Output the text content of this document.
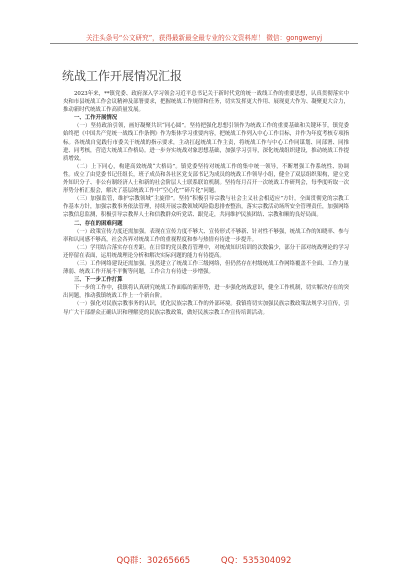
关注头条号“公文研究”，获得最新最全最专业的公文资料库！ 微信：gongwenyj
统战工作开展情况汇报

2023年来，**镇党委、政府深入学习领会习近平总书记关于新时代党的统一战线工作的重要思想，认真贯彻落实中央和市县统战工作会议精神及部署要求，把握统战工作规律和任务，切实发挥更大作用、展现更大作为、凝聚更大合力，推动新时代统战工作高质量发展。

一、工作开展情况

（一）坚持政治引领，画好凝聚共识“同心圆”。坚持把强化思想引领作为统战工作的重要基础和关键环节，镇党委始终把《中国共产党统一战线工作条例》作为集体学习重要内容，把统战工作列入中心工作目标，并作为年度考核专项指标。各统战自觉践行市委关于统战的指示要求，主动扛起统战工作主责，将统战工作与中心工作同谋划、同部署、同推进、同考核，营造大统战工作格局。进一步夯实统战对象思想基础，加强学习引导，深化统战组织建设，推动统战工作提质增效。

（二）上下同心，构建高效统战“大格局”。镇党委坚持对统战工作的集中统一领导，不断增强工作系统性、协调性。成立了由党委书记任组长，班子成员和各社区党支部书记为成员的统战工作领导小组，健全了双层组织架构，建立党外知识分子、非公有制经济人士和新的社会阶层人士联系联谊机制。坚持每月召开一次统战工作研判会，每季度听取一次形势分析汇报会，解决了基层统战工作中“空心化”“碎片化”问题。

（三）加强监管，维护宗教领域“主旋律”。坚持“积极引导宗教与社会主义社会相适应”方针，全面贯彻党的宗教工作基本方针，加强宗教事务依法管理，持续开展宗教领域风险隐患排查整治，落实宗教活动场所安全管理责任，加强网络宗教信息监测，积极引导宗教界人士和信教群众听党话、跟党走，共同维护民族团结、宗教和顺的良好局面。

二、存在的困难问题

（一）政策宣传力度还需加强。表现在宣传力度不够大、宣传形式不够新、针对性不够强，统战工作的知晓率、参与率和认同感不够高，社会各界对统战工作的重视程度和参与热情有待进一步提升。

（二）学用结合落实存在差距。在日常的党员教育管理中，对统战知识培训的次数偏少，部分干部对统战理论的学习还停留在表面，运用统战理论分析和解决实际问题的能力有待提高。

（三）工作网络建设还需加强。虽然建立了统战工作三级网络，但仍然存在村级统战工作网络覆盖不全面、工作力量薄弱、统战工作开展不平衡等问题，工作合力有待进一步增强。

三、下一步工作打算

下一步的工作中，我镇将认真研究统战工作面临的新形势，进一步强化统战意识，健全工作机制，切实解决存在的突出问题，推动我镇统战工作上一个新台阶。

（一）强化对民族宗教事务的认识，优化民族宗教工作的外部环境。我镇将切实加强民族宗教政策法规学习宣传，引导广大干部群众正确认识和理解党的民族宗教政策，做好民族宗教工作宣传培训活动。

QQ群：30265665	QQ：535304092
